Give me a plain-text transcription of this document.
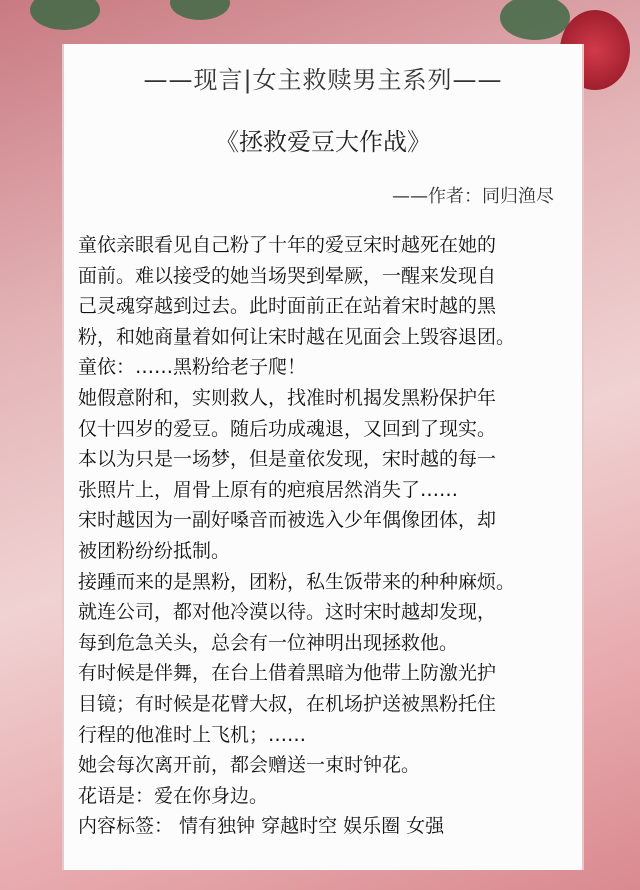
——现言|女主救赎男主系列——
《拯救爱豆大作战》
——作者：同归渔尽
童依亲眼看见自己粉了十年的爱豆宋时越死在她的
面前。难以接受的她当场哭到晕厥，一醒来发现自
己灵魂穿越到过去。此时面前正在站着宋时越的黑
粉，和她商量着如何让宋时越在见面会上毁容退团。
童依：……黑粉给老子爬！
她假意附和，实则救人，找准时机揭发黑粉保护年
仅十四岁的爱豆。随后功成魂退，又回到了现实。
本以为只是一场梦，但是童依发现，宋时越的每一
张照片上，眉骨上原有的疤痕居然消失了……
宋时越因为一副好嗓音而被选入少年偶像团体，却
被团粉纷纷抵制。
接踵而来的是黑粉，团粉，私生饭带来的种种麻烦。
就连公司，都对他冷漠以待。这时宋时越却发现，
每到危急关头，总会有一位神明出现拯救他。
有时候是伴舞，在台上借着黑暗为他带上防激光护
目镜；有时候是花臂大叔，在机场护送被黑粉托住
行程的他准时上飞机；……
她会每次离开前，都会赠送一束时钟花。
花语是：爱在你身边。
内容标签： 情有独钟 穿越时空 娱乐圈 女强
